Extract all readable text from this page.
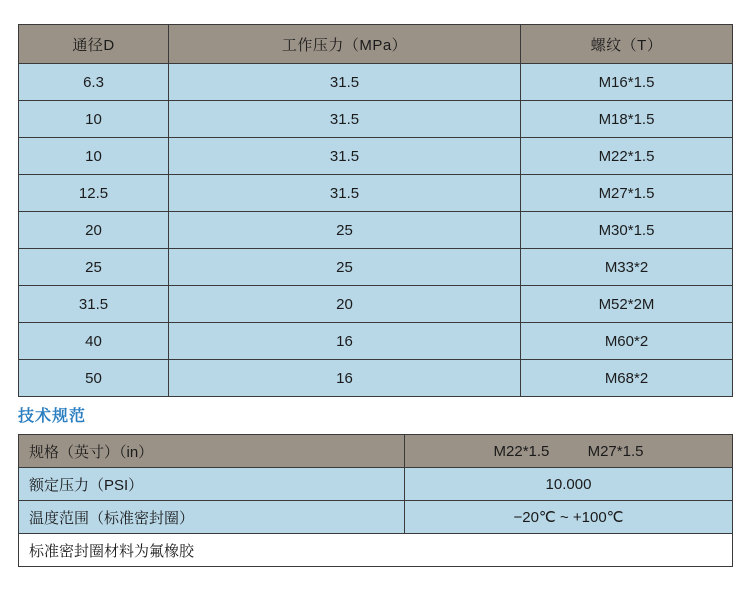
通径D	工作压力（MPa）	螺纹（T）
6.3	31.5	M16*1.5
10	31.5	M18*1.5
10	31.5	M22*1.5
12.5	31.5	M27*1.5
20	25	M30*1.5
25	25	M33*2
31.5	20	M52*2M
40	16	M60*2
50	16	M68*2
技术规范
规格（英寸）（in）	M22*1.5 M27*1.5
额定压力（PSI）	10.000
温度范围（标准密封圈）	−20℃ ~ +100℃
标准密封圈材料为氟橡胶	
